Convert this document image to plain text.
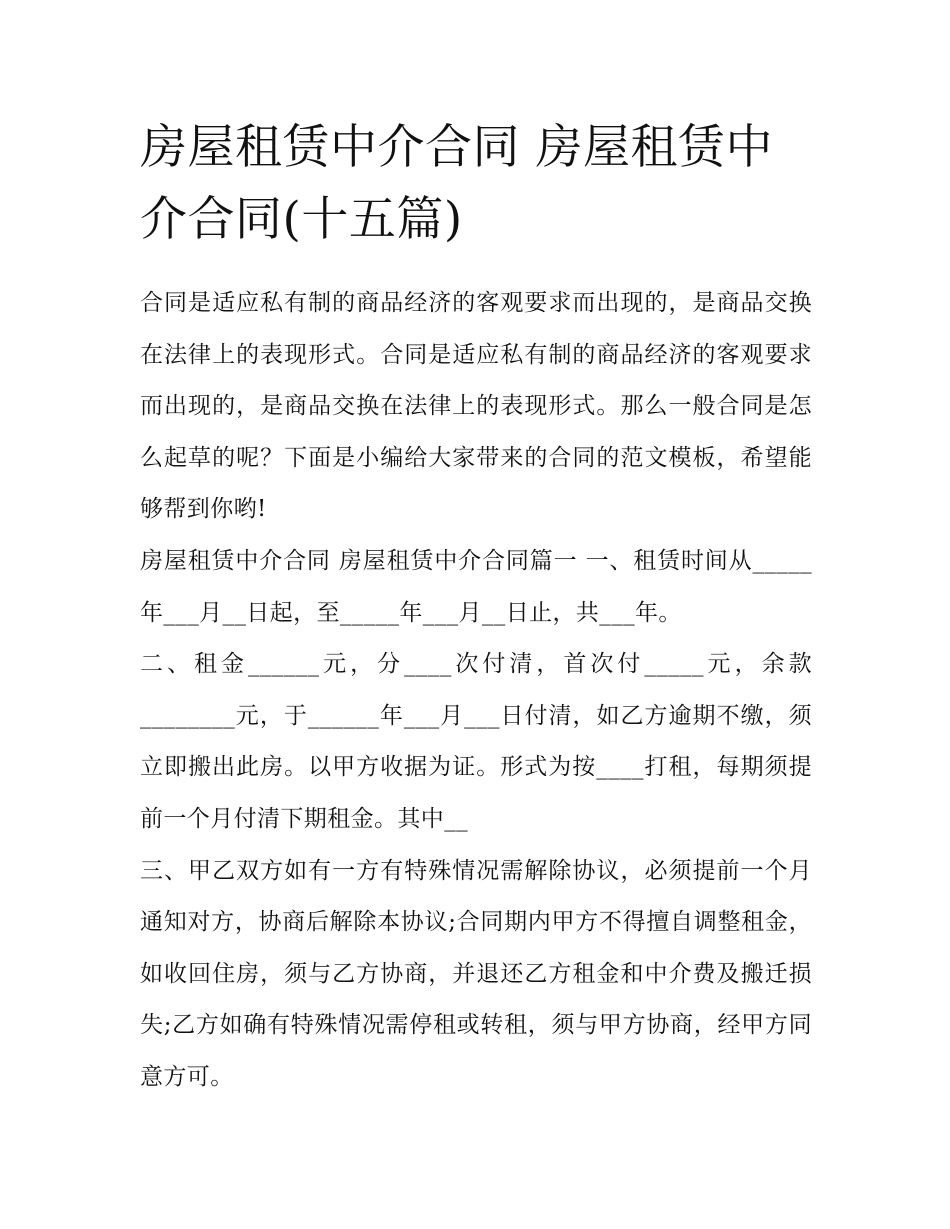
房屋租赁中介合同 房屋租赁中介合同(十五篇)

合同是适应私有制的商品经济的客观要求而出现的，是商品交换在法律上的表现形式。合同是适应私有制的商品经济的客观要求而出现的，是商品交换在法律上的表现形式。那么一般合同是怎么起草的呢？下面是小编给大家带来的合同的范文模板，希望能够帮到你哟!

房屋租赁中介合同 房屋租赁中介合同篇一 一、租赁时间从_____年___月__日起，至_____年___月__日止，共___年。

二、租金______元，分____次付清，首次付_____元，余款________元，于______年___月___日付清，如乙方逾期不缴，须立即搬出此房。以甲方收据为证。形式为按____打租，每期须提前一个月付清下期租金。其中__

三、甲乙双方如有一方有特殊情况需解除协议，必须提前一个月通知对方，协商后解除本协议;合同期内甲方不得擅自调整租金，如收回住房，须与乙方协商，并退还乙方租金和中介费及搬迁损失;乙方如确有特殊情况需停租或转租，须与甲方协商，经甲方同意方可。
